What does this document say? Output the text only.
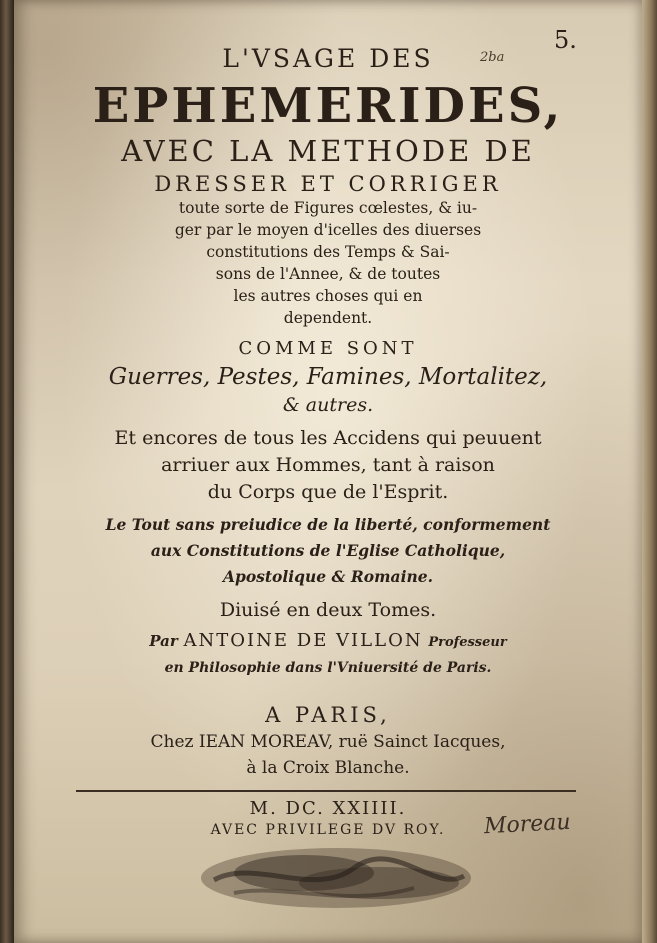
5.
2ba
L'VSAGE DES
EPHEMERIDES,
AVEC LA METHODE DE
DRESSER ET CORRIGER
toute sorte de Figures cœlestes, & iu-
ger par le moyen d'icelles des diuerses
constitutions des Temps & Sai-
sons de l'Annee, & de toutes
les autres choses qui en
dependent.
COMME SONT
Guerres, Pestes, Famines, Mortalitez,
& autres.
Et encores de tous les Accidens qui peuuent
arriuer aux Hommes, tant à raison
du Corps que de l'Esprit.
Le Tout sans preiudice de la liberté, conformement
aux Constitutions de l'Eglise Catholique,
Apostolique & Romaine.
Diuisé en deux Tomes.
Par ANTOINE DE VILLON Professeur
en Philosophie dans l'Vniuersité de Paris.
A PARIS,
Chez IEAN MOREAV, ruë Sainct Iacques,
à la Croix Blanche.
M. DC. XXIIII.
AVEC PRIVILEGE DV ROY.	Moreau
